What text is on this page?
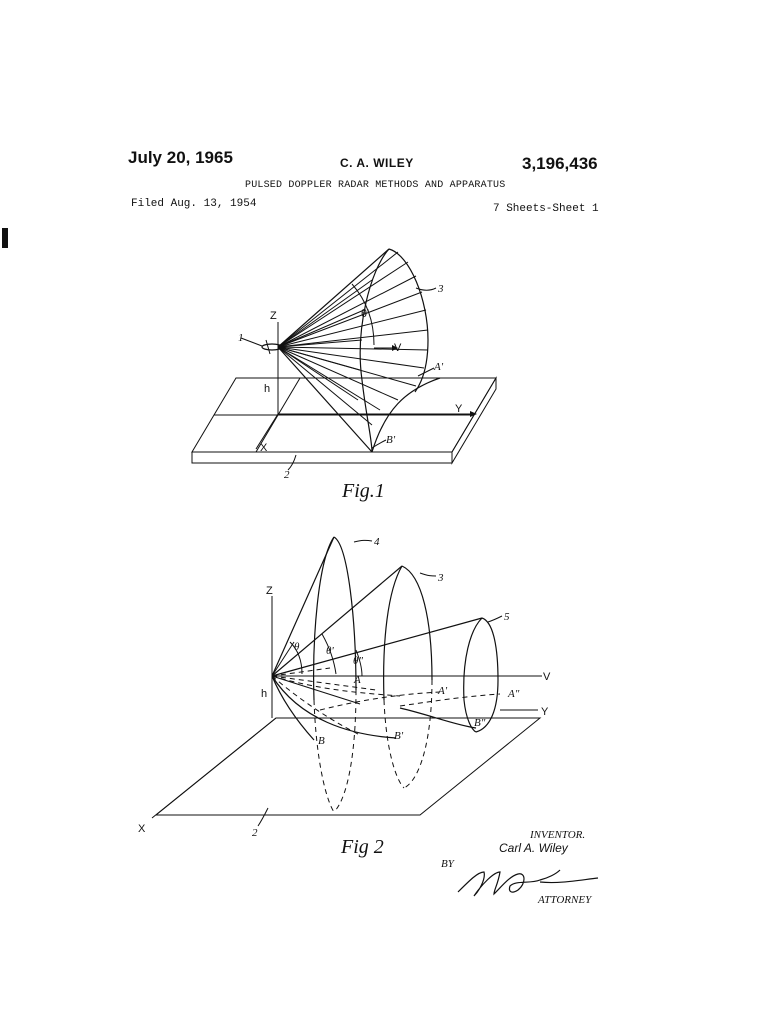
July 20, 1965	C. A. WILEY	3,196,436
PULSED DOPPLER RADAR METHODS AND APPARATUS
Filed Aug. 13, 1954	7 Sheets-Sheet 1
Z
h
X
Y
V
θ'
1
2
3
A'
B'
Fig.1
Z
h
X
Y
V
θ θ'
θ"
2
3
4
5
A
A'	A"
B	B'
B"
Fig 2
INVENTOR.
Carl A. Wiley
BY
ATTORNEY
